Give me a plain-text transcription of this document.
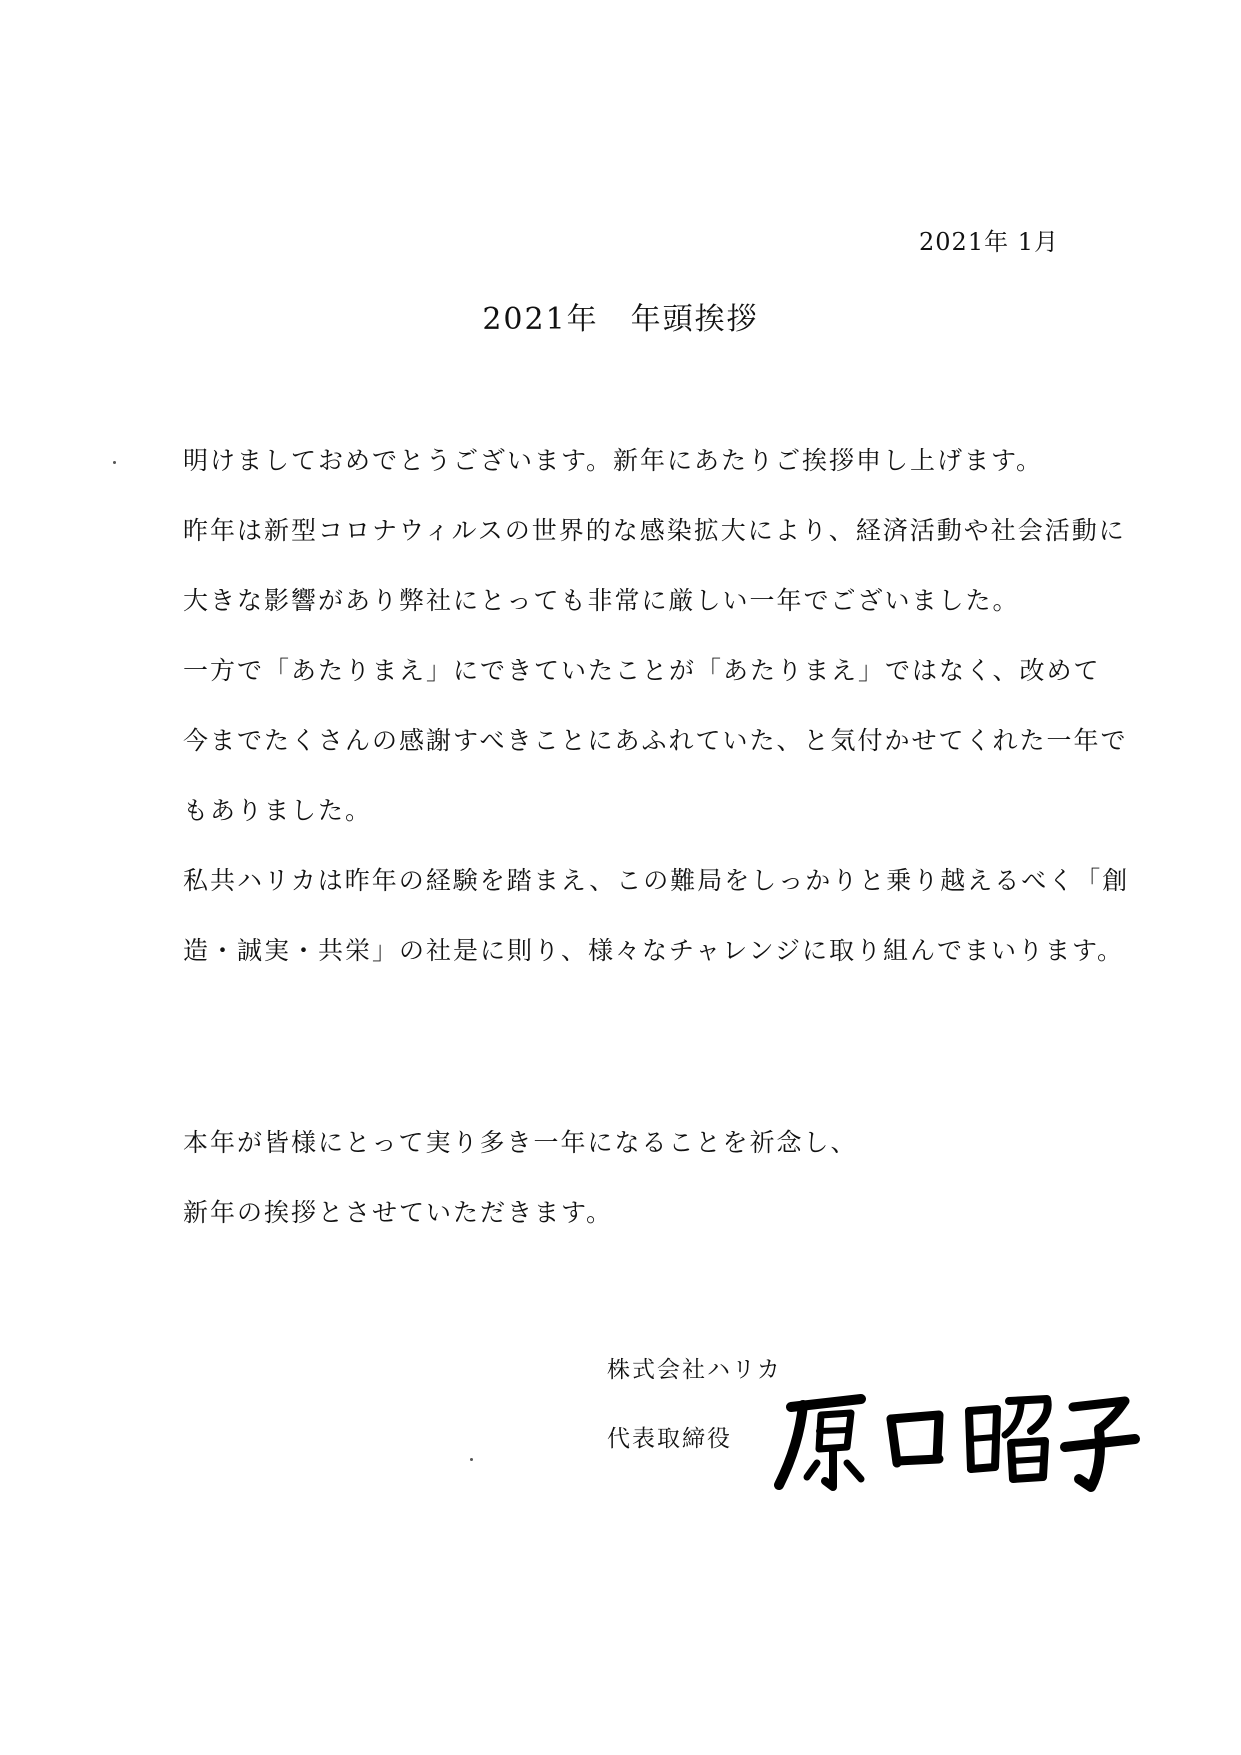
2021年 1月
2021年　年頭挨拶
明けましておめでとうございます。新年にあたりご挨拶申し上げます。
昨年は新型コロナウィルスの世界的な感染拡大により、経済活動や社会活動に
大きな影響があり弊社にとっても非常に厳しい一年でございました。
一方で「あたりまえ」にできていたことが「あたりまえ」ではなく、改めて
今までたくさんの感謝すべきことにあふれていた、と気付かせてくれた一年で
もありました。
私共ハリカは昨年の経験を踏まえ、この難局をしっかりと乗り越えるべく「創
造・誠実・共栄」の社是に則り、様々なチャレンジに取り組んでまいります。
本年が皆様にとって実り多き一年になることを祈念し、
新年の挨拶とさせていただきます。
株式会社ハリカ
代表取締役
